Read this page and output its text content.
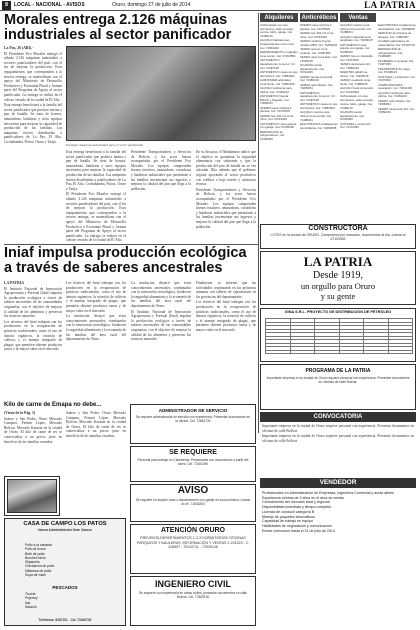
8	LOCAL - NACIONAL - AVISOS	Oruro, domingo 27 de julio de 2014	LA PATRIA
Morales entrega 2.126 máquinas
industriales al sector panificador

La Paz, 26 (ABI).-

El Presidente Evo Morales entregó el sábado 2.126 máquinas industriales a sectores panificadores del país, con el fin de mejorar la producción. Esos equipamientos que corresponden a la tercera entrega, se materializan con el apoyo del Ministerio de Desarrollo Productivo y Economía Plural y forman parte del Programa de Apoyo al sector panificador. La entrega se realizó en el coliseo cerrado de la ciudad de El Alto.

Esta entrega beneficiará a la familia del sector panificador que produce harina y pan de batalla. Se trata de hornos, amasadoras, batidoras y otros equipos necesarios para mejorar la capacidad de producción de las familias. Las máquinas fueron distribuidas a panificadores de La Paz, El Alto, Cochabamba, Potosí, Oruro y Tarija.

Entregan máquinas industriales para el sector panificador

Esta entrega beneficiará a la familia del sector panificador que produce harina y pan de batalla. Se trata de hornos, amasadoras, batidoras y otros equipos necesarios para mejorar la capacidad de producción de las familias. Las máquinas fueron distribuidas a panificadores de La Paz, El Alto, Cochabamba, Potosí, Oruro y Tarija.

El Presidente Evo Morales entregó el sábado 2.126 máquinas industriales a sectores panificadores del país, con el fin de mejorar la producción. Esos equipamientos que corresponden a la tercera entrega, se materializan con el apoyo del Ministerio de Desarrollo Productivo y Economía Plural y forman parte del Programa de Apoyo al sector panificador. La entrega se realizó en el coliseo cerrado de la ciudad de El Alto.

Presidente Transportadores y Servicios de Bolivia, y los actos fueron acompañados por el Presidente Evo Morales. Los equipos comprenden hornos rotativos, amasadoras, cortadoras y batidoras industriales que permitirán a las familias incrementar sus ingresos y mejorar la calidad del pan que llega a la población.

En su discurso, el Mandatario indicó que el objetivo es garantizar la seguridad alimentaria con soberanía y que la producción del pan de batalla no se vea afectada. Dijo además que el gobierno seguirá apoyando al sector productivo con créditos a bajo interés y asistencia técnica.

Presidente Transportadores y Servicios de Bolivia, y los actos fueron acompañados por el Presidente Evo Morales. Los equipos comprenden hornos rotativos, amasadoras, cortadoras y batidoras industriales que permitirán a las familias incrementar sus ingresos y mejorar la calidad del pan que llega a la población.

Iniaf impulsa producción ecológica
a través de saberes ancestrales

LA PATRIA

El Instituto Nacional de Innovación Agropecuaria y Forestal (Iniaf) impulsa la producción ecológica a través de saberes ancestrales de las comunidades originarias, con el objetivo de mejorar la calidad de los alimentos y preservar los recursos naturales.

Los técnicos del Iniaf trabajan con los productores en la recuperación de prácticas tradicionales, como el uso de abonos orgánicos, la rotación de cultivos y el manejo integrado de plagas, que permiten obtener productos sanos y de mayor valor en el mercado.

Los técnicos del Iniaf trabajan con los productores en la recuperación de prácticas tradicionales, como el uso de abonos orgánicos, la rotación de cultivos y el manejo integrado de plagas, que permiten obtener productos sanos y de mayor valor en el mercado.

La institución destacó que estos conocimientos ancestrales, combinados con la innovación tecnológica, fortalecen la seguridad alimentaria y la economía de las familias del área rural del departamento de Oruro.

La institución destacó que estos conocimientos ancestrales, combinados con la innovación tecnológica, fortalecen la seguridad alimentaria y la economía de las familias del área rural del departamento de Oruro.

El Instituto Nacional de Innovación Agropecuaria y Forestal (Iniaf) impulsa la producción ecológica a través de saberes ancestrales de las comunidades originarias, con el objetivo de mejorar la calidad de los alimentos y preservar los recursos naturales.

Finalmente, se informó que las actividades continuarán en las próximas semanas con talleres de capacitación en las provincias del departamento.

Los técnicos del Iniaf trabajan con los productores en la recuperación de prácticas tradicionales, como el uso de abonos orgánicos, la rotación de cultivos y el manejo integrado de plagas, que permiten obtener productos sanos y de mayor valor en el mercado.

Kilo de carne de Emapa no debe...

(Viene de la Pág. 1)

Suárez y San Pedro, Oruro Mercado Campero, Fermín López, Mercado Bolívar, Mercado Kantuta en la ciudad de Oruro. El kilo de carne de res se comercializa a un precio justo en beneficio de las familias orureñas.

Suárez y San Pedro, Oruro Mercado Campero, Fermín López, Mercado Bolívar, Mercado Kantuta en la ciudad de Oruro. El kilo de carne de res se comercializa a un precio justo en beneficio de las familias orureñas.

CASA DE CAMPO LOS PATOS
Nueva Administración Gran Carozo
Pollo a la canasta
Pollo al horno
Bufé de pollo
Brochet mixto
Silpancho
Chicharrón de pollo
Milanesa de pollo
Sopa de maní
PESCADOS
Trucha
Pejerrey
Ispi
Karachi
Teléfonos: 5287101 - Cel. 73404732
ADMINISTRADOR DE SERVICIO
Se requiere administrador de servicio con experiencia. Presentar documentos en la oficina. Cel. 71846730
SE REQUIERE
Personal para trabajo en Camareras. Presentarse con documentos a partir del lunes. Cel. 72481096
AVISO
Se requiere en alquiler casa o departamento con garaje en zona céntrica. Llamar al cel. 71845260
ATENCIÓN ORURO
PREVENTA DEPARTAMENTOS 1-2-3 DORMITORIOS OFICINAS PARQUEOS Y BAULERAS. INFORMACIÓN Y VENTAS 2-241523 - 2-228597 - 70110711 - 72530146
INGENIERO CIVIL
Se requiere con experiencia en obras civiles, presentar documentos en calle Bolívar. Cel. 72469130
Alquileres
CASA alquilo con dos dormitorios, sala comedor, cocina, baño, garaje. Cel. 72482119
ALQUILO habitaciones independientes zona norte. Cel. 71846220
DEPARTAMENTO en alquiler zona centro. Cel. 67204551
ANTICRÉTICO departamento zona sur. Inf. Cel. 72497136
ANTICRÉTICO casa con tres dormitorios. Cel. 71852904
GARZONIER anticrético zona Norte. Cel. 73801456
ALQUILO ambiente para oficina. Cel. 72469213
ANTICRÉTICO tienda Bolívar y Pagador. Cel. 71849372
OFERTA casa céntrica 2 plantas. Cel. 72470518
VENDO lote 300 m2 zona Vinto. Cel. 67213940
ANTICRÉTICO casa grande con garaje. Cel. 67205182
REPARACIÓN de refrigeradores. Cel. 72493065
Anticréticos
OFERTA casa céntrica 2 plantas. Cel. 72470518
VENDO lote 300 m2 zona Vinto. Cel. 67213940
VENDO minibús Toyota modelo 2005. Cel. 71856203
VENDO terreno zona sudeste. Cel. 72481653
VENDO casa zona Este. Cel. 71503278
OCASIÓN vendo departamento. Cel. 67201945
VENDO tienda comercial. Cel. 72486310
VENDO auto Nissan. Cel. 71839054
ANTICRÉTICO departamento zona sur. Inf. Cel. 72497136
ANTICRÉTICO casa con tres dormitorios. Cel. 71852904
ALQUILO cuartos para oficina zona central. Cel. 72488341
ELECTRICISTA instalaciones domiciliarias. Cel. 72459638
Ventas
ALQUILO cuartos para oficina zona central. Cel. 72488341
ALQUILO departamento amoblado. Cel. 71846037
ANTICRÉTICO casa grande con garaje. Cel. 67205182
VENDO lote en Caracollo. Cel. 72473915
VENDO camioneta 4x4. Cel. 71860234
MAESTRO albañil se ofrece. Cel. 72459316
VENDO cuadratín zona Norte. Cel. 71882045
ALQUILO local comercial. Cel. 67216093
CASA alquilo con dos dormitorios, sala comedor, cocina, baño, garaje. Cel. 72482119
OCASIÓN vendo departamento. Cel. 67201945
COSTURA y confección. Cel. 72470394
ELECTRICISTA instalaciones domiciliarias. Cel. 72459638
SERVICIO de limpieza de tanques. Cel. 71852307
CLASES particulares de matemáticas. Cel. 67204719
REPARACIÓN de refrigeradores. Cel. 72493065
PLOMERÍA en general. Cel. 71807365
TRANSPORTE de carga. Cel. 67208126
COSTURA y confección. Cel. 72470394
COMPUTADORAS reparación. Cel. 71842150
ALQUILO ambiente para oficina. Cel. 72469213
VENDO auto Nissan. Cel. 71839054
VENDO camioneta 4x4. Cel. 71860234
LA PATRIA
Desde 1919,
un orgullo para Oruro
y su gente
GINA S.R.L. PROYECTO DE DISTRIBUCIÓN DE PETRÓLEO

PROGRAMA DE LA PATRIA
Importante empresa en la ciudad de Oruro requiere personal con experiencia. Presentar documentos en oficinas de calle Bolívar.
CONVOCATORIA

Importante empresa en la ciudad de Oruro requiere personal con experiencia. Presentar documentos en oficinas de calle Bolívar.

Importante empresa en la ciudad de Oruro requiere personal con experiencia. Presentar documentos en oficinas de calle Bolívar.

VENDEDOR
Profesionales en Administración de Empresas, Ingeniería Comercial y áreas afines
Experiencia mínima de 2 años en el área de ventas
Conocimiento del mercado local y regional
Disponibilidad inmediata y tiempo completo
Licencia de conducir categoría B
Manejo de paquetes informáticos
Capacidad de trabajo en equipo
Habilidades de negociación y comunicación
Enviar currículum hasta el 31 de julio de 2014
CONSTRUCTORA
LOTES en la ciudad de ORURO. Compramos por manzano, documentos al día. Llamar al 67103352
